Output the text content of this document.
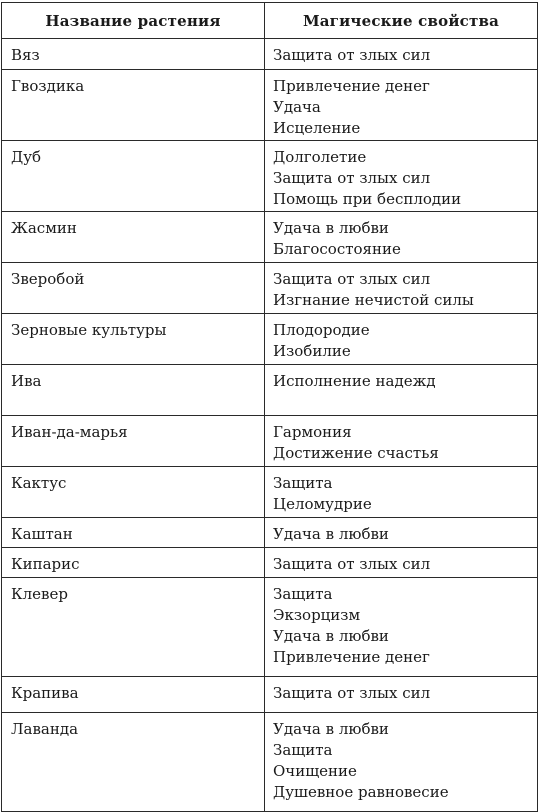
Название растения	Магические свойства

Вяз	Защита от злых сил

Гвоздика	Привлечение денег
Удача
Исцеление

Дуб	Долголетие
Защита от злых сил
Помощь при бесплодии

Жасмин	Удача в любви
Благосостояние

Зверобой	Защита от злых сил
Изгнание нечистой силы

Зерновые культуры	Плодородие
Изобилие

Ива	Исполнение надежд

Иван-да-марья	Гармония
Достижение счастья

Кактус	Защита
Целомудрие

Каштан	Удача в любви

Кипарис	Защита от злых сил

Клевер	Защита
Экзорцизм
Удача в любви
Привлечение денег

Крапива	Защита от злых сил

Лаванда	Удача в любви
Защита
Очищение
Душевное равновесие
